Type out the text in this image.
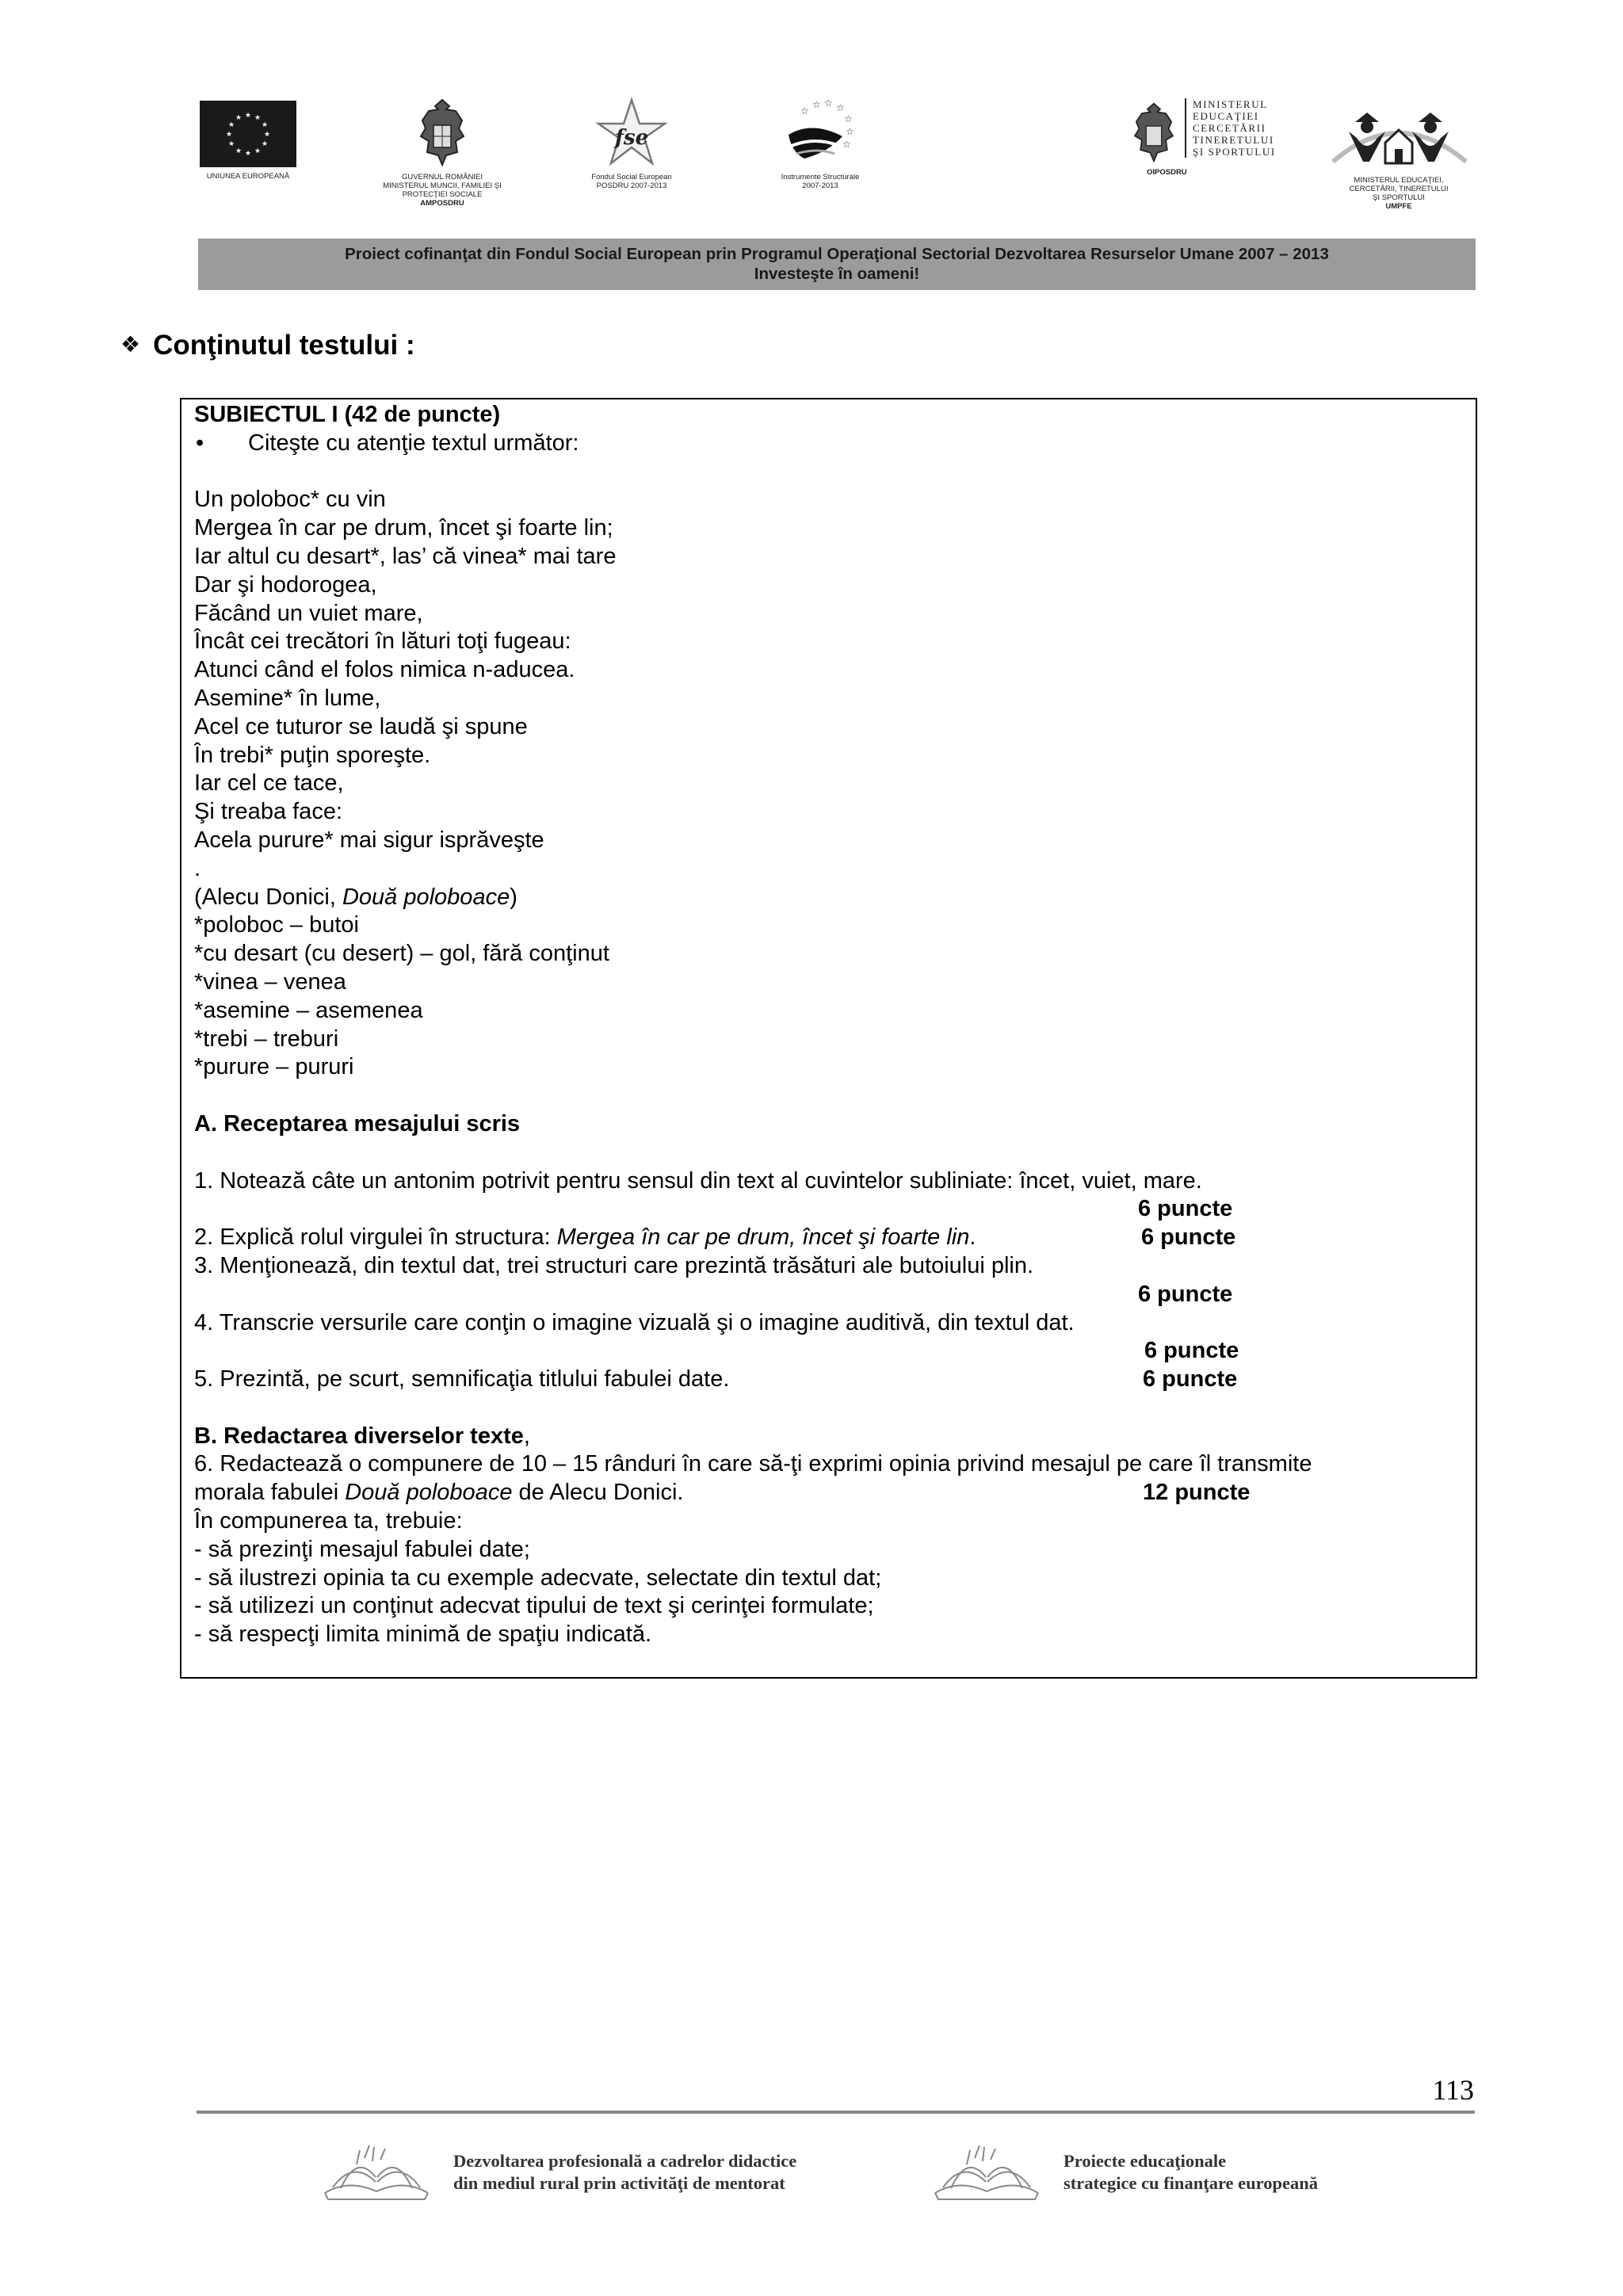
★ ★
★
★
★
★
★
★
★
★
★
★
UNIUNEA EUROPEANĂ	GUVERNUL ROMÂNIEI
MINISTERUL MUNCII, FAMILIEI ŞI
PROTECŢIEI SOCIALE
AMPOSDRU
fse
Fondul Social European
POSDRU 2007-2013
☆ ☆ ☆
☆
☆
☆
☆
Instrumente Structurale
2007-2013
MINISTERUL
EDUCAŢIEI
CERCETĂRII
TINERETULUI
ŞI SPORTULUI
OIPOSDRU
MINISTERUL EDUCAŢIEI,
CERCETĂRII, TINERETULUI
ŞI SPORTULUI
UMPFE
Proiect cofinanţat din Fondul Social European prin Programul Operaţional Sectorial Dezvoltarea Resurselor Umane 2007 – 2013
Investeşte în oameni!
❖ Conţinutul testului :
SUBIECTUL I (42 de puncte)
• Citeşte cu atenţie textul următor:
Un poloboc* cu vin
Mergea în car pe drum, încet şi foarte lin;
Iar altul cu desart*, las’ că vinea* mai tare
Dar şi hodorogea,
Făcând un vuiet mare,
Încât cei trecători în lături toţi fugeau:
Atunci când el folos nimica n-aducea.
Asemine* în lume,
Acel ce tuturor se laudă şi spune
În trebi* puţin sporeşte.
Iar cel ce tace,
Şi treaba face:
Acela purure* mai sigur isprăveşte
.
(Alecu Donici, Două poloboace)
*poloboc – butoi
*cu desart (cu desert) – gol, fără conţinut
*vinea – venea
*asemine – asemenea
*trebi – treburi
*purure – pururi
A. Receptarea mesajului scris
1. Notează câte un antonim potrivit pentru sensul din text al cuvintelor subliniate: încet, vuiet, mare.
6 puncte
2. Explică rolul virgulei în structura: Mergea în car pe drum, încet şi foarte lin.	6 puncte
3. Menţionează, din textul dat, trei structuri care prezintă trăsături ale butoiului plin.
6 puncte
4. Transcrie versurile care conţin o imagine vizuală şi o imagine auditivă, din textul dat.
6 puncte
5. Prezintă, pe scurt, semnificaţia titlului fabulei date.	6 puncte
B. Redactarea diverselor texte,
6. Redactează o compunere de 10 – 15 rânduri în care să-ţi exprimi opinia privind mesajul pe care îl transmite
morala fabulei Două poloboace de Alecu Donici.	12 puncte
În compunerea ta, trebuie:
- să prezinţi mesajul fabulei date;
- să ilustrezi opinia ta cu exemple adecvate, selectate din textul dat;
- să utilizezi un conţinut adecvat tipului de text şi cerinţei formulate;
- să respecţi limita minimă de spaţiu indicată.
113
Dezvoltarea profesională a cadrelor didactice
din mediul rural prin activităţi de mentorat
Proiecte educaţionale
strategice cu finanţare europeană
